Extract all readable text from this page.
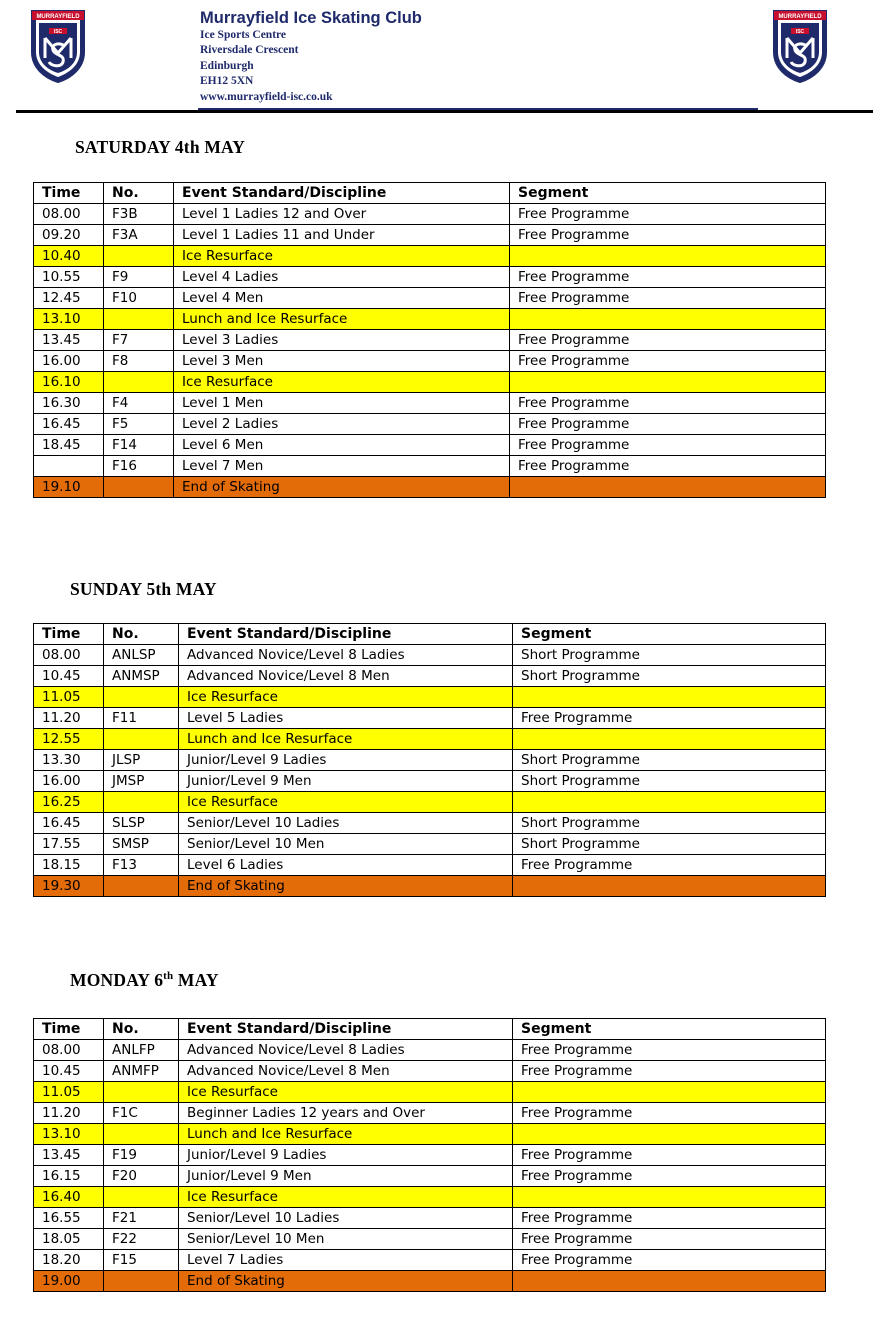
MURRAYFIELD
ISC
MURRAYFIELD
ISC
Murrayfield Ice Skating Club
Ice Sports Centre
Riversdale Crescent
Edinburgh
EH12 5XN
www.murrayfield-isc.co.uk
SATURDAY 4th MAY
SUNDAY 5th MAY
MONDAY 6th MAY
Time	No.	Event Standard/Discipline	Segment
08.00	F3B	Level 1 Ladies 12 and Over	Free Programme
09.20	F3A	Level 1 Ladies 11 and Under	Free Programme
10.40		Ice Resurface	
10.55	F9	Level 4 Ladies	Free Programme
12.45	F10	Level 4 Men	Free Programme
13.10		Lunch and Ice Resurface	
13.45	F7	Level 3 Ladies	Free Programme
16.00	F8	Level 3 Men	Free Programme
16.10		Ice Resurface	
16.30	F4	Level 1 Men	Free Programme
16.45	F5	Level 2 Ladies	Free Programme
18.45	F14	Level 6 Men	Free Programme
	F16	Level 7 Men	Free Programme
19.10		End of Skating	
Time	No.	Event Standard/Discipline	Segment
08.00	ANLSP	Advanced Novice/Level 8 Ladies	Short Programme
10.45	ANMSP	Advanced Novice/Level 8 Men	Short Programme
11.05		Ice Resurface	
11.20	F11	Level 5 Ladies	Free Programme
12.55		Lunch and Ice Resurface	
13.30	JLSP	Junior/Level 9 Ladies	Short Programme
16.00	JMSP	Junior/Level 9 Men	Short Programme
16.25		Ice Resurface	
16.45	SLSP	Senior/Level 10 Ladies	Short Programme
17.55	SMSP	Senior/Level 10 Men	Short Programme
18.15	F13	Level 6 Ladies	Free Programme
19.30		End of Skating	
Time	No.	Event Standard/Discipline	Segment
08.00	ANLFP	Advanced Novice/Level 8 Ladies	Free Programme
10.45	ANMFP	Advanced Novice/Level 8 Men	Free Programme
11.05		Ice Resurface	
11.20	F1C	Beginner Ladies 12 years and Over	Free Programme
13.10		Lunch and Ice Resurface	
13.45	F19	Junior/Level 9 Ladies	Free Programme
16.15	F20	Junior/Level 9 Men	Free Programme
16.40		Ice Resurface	
16.55	F21	Senior/Level 10 Ladies	Free Programme
18.05	F22	Senior/Level 10 Men	Free Programme
18.20	F15	Level 7 Ladies	Free Programme
19.00		End of Skating	
